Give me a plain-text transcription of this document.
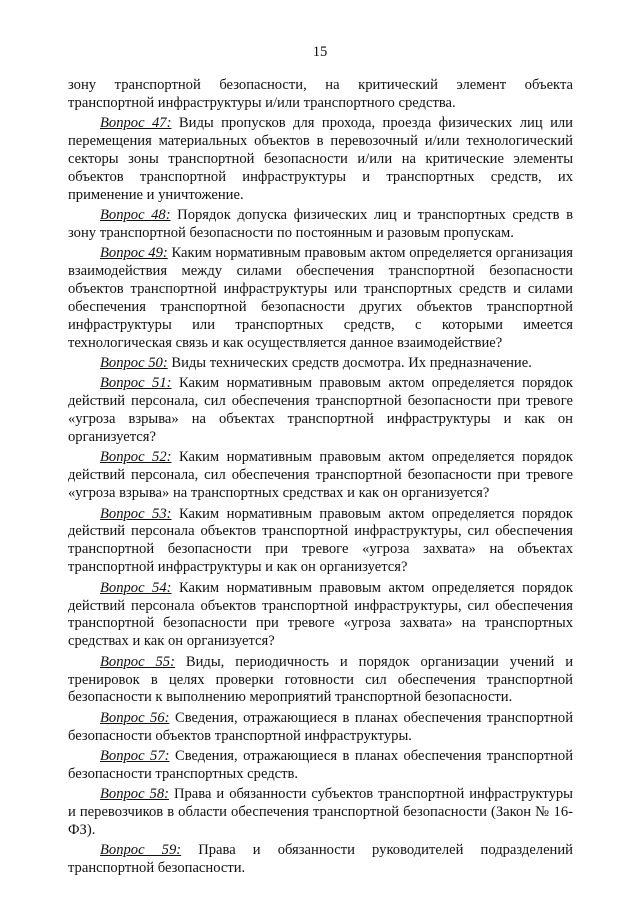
15

зону транспортной безопасности, на критический элемент объекта транспортной инфраструктуры и/или транспортного средства.

Вопрос 47: Виды пропусков для прохода, проезда физических лиц или перемещения материальных объектов в перевозочный и/или технологический секторы зоны транспортной безопасности и/или на критические элементы объектов транспортной инфраструктуры и транспортных средств, их применение и уничтожение.

Вопрос 48: Порядок допуска физических лиц и транспортных средств в зону транспортной безопасности по постоянным и разовым пропускам.

Вопрос 49: Каким нормативным правовым актом определяется организация взаимодействия между силами обеспечения транспортной безопасности объектов транспортной инфраструктуры или транспортных средств и силами обеспечения транспортной безопасности других объектов транспортной инфраструктуры или транспортных средств, с которыми имеется технологическая связь и как осуществляется данное взаимодействие?

Вопрос 50: Виды технических средств досмотра. Их предназначение.

Вопрос 51: Каким нормативным правовым актом определяется порядок действий персонала, сил обеспечения транспортной безопасности при тревоге «угроза взрыва» на объектах транспортной инфраструктуры и как он организуется?

Вопрос 52: Каким нормативным правовым актом определяется порядок действий персонала, сил обеспечения транспортной безопасности при тревоге «угроза взрыва» на транспортных средствах и как он организуется?

Вопрос 53: Каким нормативным правовым актом определяется порядок действий персонала объектов транспортной инфраструктуры, сил обеспечения транспортной безопасности при тревоге «угроза захвата» на объектах транспортной инфраструктуры и как он организуется?

Вопрос 54: Каким нормативным правовым актом определяется порядок действий персонала объектов транспортной инфраструктуры, сил обеспечения транспортной безопасности при тревоге «угроза захвата» на транспортных средствах и как он организуется?

Вопрос 55: Виды, периодичность и порядок организации учений и тренировок в целях проверки готовности сил обеспечения транспортной безопасности к выполнению мероприятий транспортной безопасности.

Вопрос 56: Сведения, отражающиеся в планах обеспечения транспортной безопасности объектов транспортной инфраструктуры.

Вопрос 57: Сведения, отражающиеся в планах обеспечения транспортной безопасности транспортных средств.

Вопрос 58: Права и обязанности субъектов транспортной инфраструктуры и перевозчиков в области обеспечения транспортной безопасности (Закон № 16-ФЗ).

Вопрос 59: Права и обязанности руководителей подразделений транспортной безопасности.
